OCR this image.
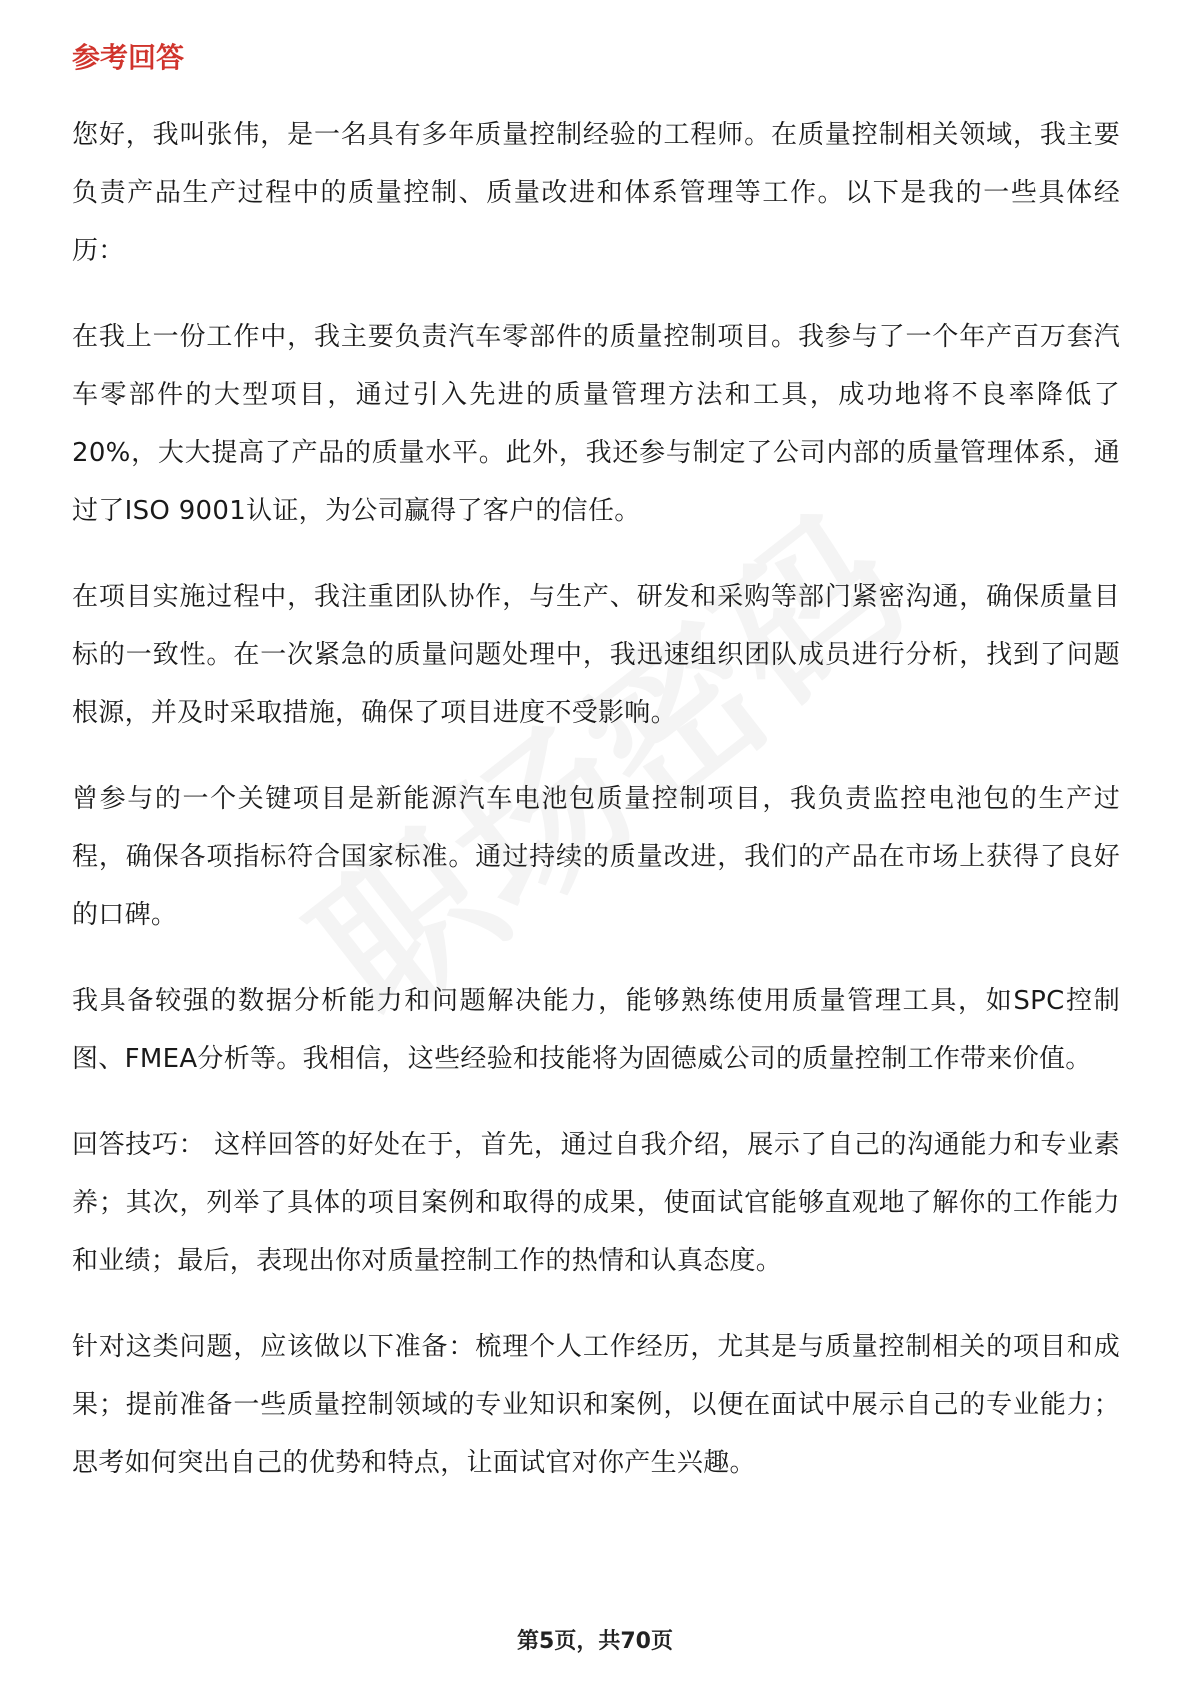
参考回答

您好，我叫张伟，是一名具有多年质量控制经验的工程师。在质量控制相关领域，我主要负责产品生产过程中的质量控制、质量改进和体系管理等工作。以下是我的一些具体经历：

在我上一份工作中，我主要负责汽车零部件的质量控制项目。我参与了一个年产百万套汽车零部件的大型项目，通过引入先进的质量管理方法和工具，成功地将不良率降低了20%，大大提高了产品的质量水平。此外，我还参与制定了公司内部的质量管理体系，通过了ISO 9001认证，为公司赢得了客户的信任。

在项目实施过程中，我注重团队协作，与生产、研发和采购等部门紧密沟通，确保质量目标的一致性。在一次紧急的质量问题处理中，我迅速组织团队成员进行分析，找到了问题根源，并及时采取措施，确保了项目进度不受影响。

曾参与的一个关键项目是新能源汽车电池包质量控制项目，我负责监控电池包的生产过程，确保各项指标符合国家标准。通过持续的质量改进，我们的产品在市场上获得了良好的口碑。

我具备较强的数据分析能力和问题解决能力，能够熟练使用质量管理工具，如SPC控制图、FMEA分析等。我相信，这些经验和技能将为固德威公司的质量控制工作带来价值。

回答技巧： 这样回答的好处在于，首先，通过自我介绍，展示了自己的沟通能力和专业素养；其次，列举了具体的项目案例和取得的成果，使面试官能够直观地了解你的工作能力和业绩；最后，表现出你对质量控制工作的热情和认真态度。

针对这类问题，应该做以下准备：梳理个人工作经历，尤其是与质量控制相关的项目和成果；提前准备一些质量控制领域的专业知识和案例，以便在面试中展示自己的专业能力；思考如何突出自己的优势和特点，让面试官对你产生兴趣。

第5页，共70页
